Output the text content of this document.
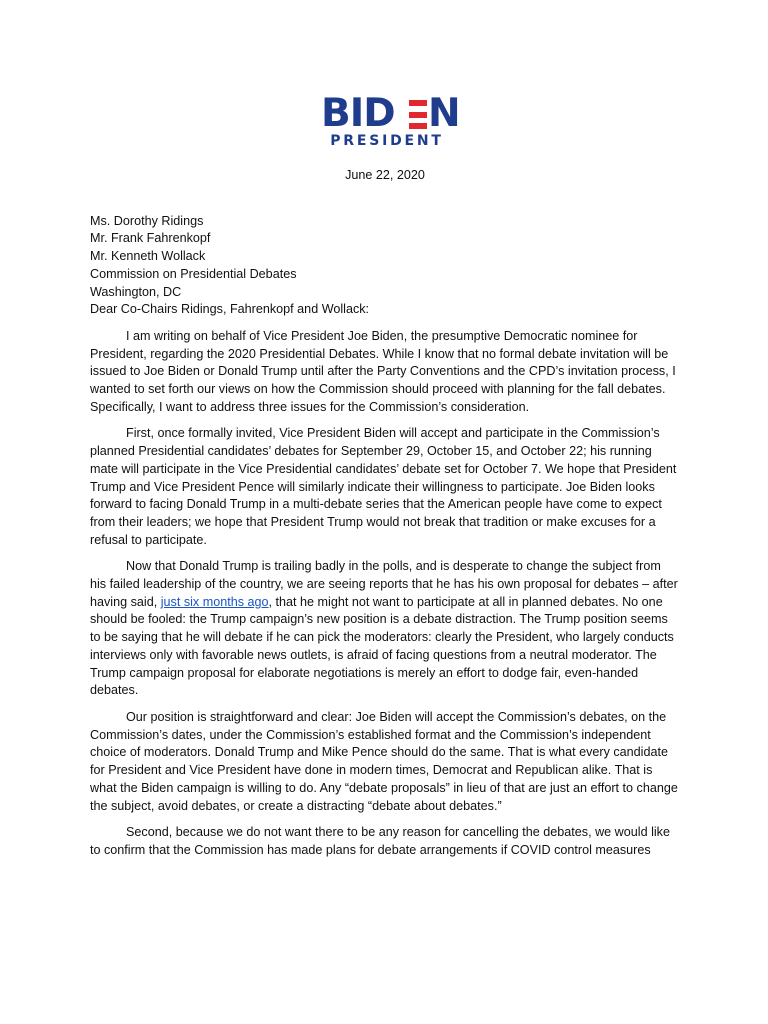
BID N
PRESIDENT

June 22, 2020

Ms. Dorothy Ridings
Mr. Frank Fahrenkopf
Mr. Kenneth Wollack
Commission on Presidential Debates
Washington, DC

Dear Co-Chairs Ridings, Fahrenkopf and Wollack:

I am writing on behalf of Vice President Joe Biden, the presumptive Democratic nominee for President, regarding the 2020 Presidential Debates. While I know that no formal debate invitation will be issued to Joe Biden or Donald Trump until after the Party Conventions and the CPD’s invitation process, I wanted to set forth our views on how the Commission should proceed with planning for the fall debates. Specifically, I want to address three issues for the Commission’s consideration.

First, once formally invited, Vice President Biden will accept and participate in the Commission’s planned Presidential candidates’ debates for September 29, October 15, and October 22; his running mate will participate in the Vice Presidential candidates’ debate set for October 7. We hope that President Trump and Vice President Pence will similarly indicate their willingness to participate. Joe Biden looks forward to facing Donald Trump in a multi-debate series that the American people have come to expect from their leaders; we hope that President Trump would not break that tradition or make excuses for a refusal to participate.

Now that Donald Trump is trailing badly in the polls, and is desperate to change the subject from his failed leadership of the country, we are seeing reports that he has his own proposal for debates – after having said, just six months ago, that he might not want to participate at all in planned debates. No one should be fooled: the Trump campaign’s new position is a debate distraction. The Trump position seems to be saying that he will debate if he can pick the moderators: clearly the President, who largely conducts interviews only with favorable news outlets, is afraid of facing questions from a neutral moderator. The Trump campaign proposal for elaborate negotiations is merely an effort to dodge fair, even-handed debates.

Our position is straightforward and clear: Joe Biden will accept the Commission’s debates, on the Commission’s dates, under the Commission’s established format and the Commission’s independent choice of moderators. Donald Trump and Mike Pence should do the same. That is what every candidate for President and Vice President have done in modern times, Democrat and Republican alike. That is what the Biden campaign is willing to do. Any “debate proposals” in lieu of that are just an effort to change the subject, avoid debates, or create a distracting “debate about debates.”

Second, because we do not want there to be any reason for cancelling the debates, we would like to confirm that the Commission has made plans for debate arrangements if COVID control measures
